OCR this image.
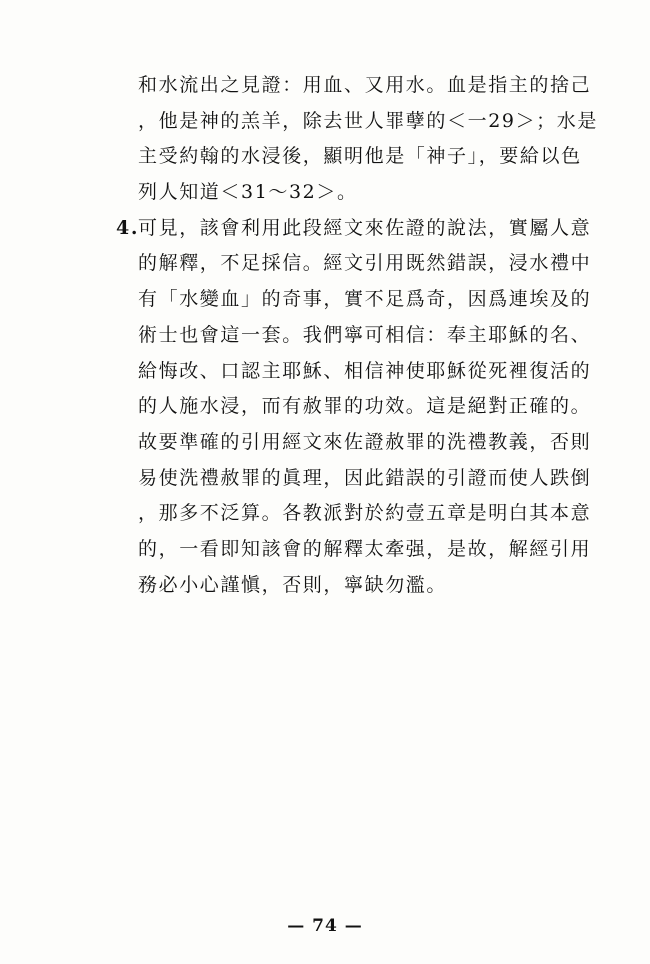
和水流出之見證：用血、又用水。血是指主的捨己
，他是神的羔羊，除去世人罪孽的＜一29＞；水是
主受約翰的水浸後，顯明他是「神子」，要給以色
列人知道＜31～32＞。
4.
可見，該會利用此段經文來佐證的說法，實屬人意
的解釋，不足採信。經文引用既然錯誤，浸水禮中
有「水變血」的奇事，實不足爲奇，因爲連埃及的
術士也會這一套。我們寧可相信：奉主耶穌的名、
給悔改、口認主耶穌、相信神使耶穌從死裡復活的
的人施水浸，而有赦罪的功效。這是絕對正確的。
故要準確的引用經文來佐證赦罪的洗禮教義，否則
易使洗禮赦罪的眞理，因此錯誤的引證而使人跌倒
，那多不泛算。各教派對於約壹五章是明白其本意
的，一看即知該會的解釋太牽强，是故，解經引用
務必小心謹愼，否則，寧缺勿濫。
— 74 —
